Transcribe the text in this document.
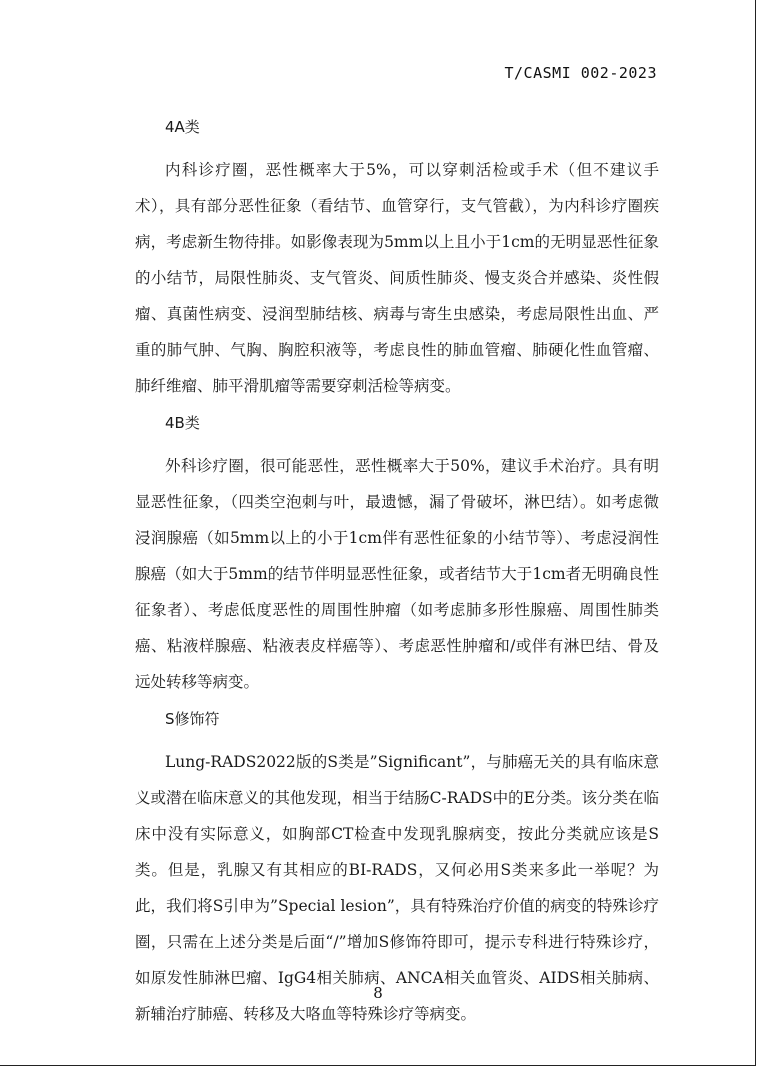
T/CASMI 002-2023
4A类

内科诊疗圈，恶性概率大于5%，可以穿刺活检或手术（但不建议手术），具有部分恶性征象（看结节、血管穿行，支气管截），为内科诊疗圈疾病，考虑新生物待排。如影像表现为5mm以上且小于1cm的无明显恶性征象的小结节，局限性肺炎、支气管炎、间质性肺炎、慢支炎合并感染、炎性假瘤、真菌性病变、浸润型肺结核、病毒与寄生虫感染，考虑局限性出血、严重的肺气肿、气胸、胸腔积液等，考虑良性的肺血管瘤、肺硬化性血管瘤、肺纤维瘤、肺平滑肌瘤等需要穿刺活检等病变。

4B类

外科诊疗圈，很可能恶性，恶性概率大于50%，建议手术治疗。具有明显恶性征象，（四类空泡刺与叶，最遗憾，漏了骨破坏，淋巴结）。如考虑微浸润腺癌（如5mm以上的小于1cm伴有恶性征象的小结节等）、考虑浸润性腺癌（如大于5mm的结节伴明显恶性征象，或者结节大于1cm者无明确良性征象者）、考虑低度恶性的周围性肿瘤（如考虑肺多形性腺癌、周围性肺类癌、粘液样腺癌、粘液表皮样癌等）、考虑恶性肿瘤和/或伴有淋巴结、骨及远处转移等病变。

S修饰符

Lung-RADS2022版的S类是”Significant”，与肺癌无关的具有临床意义或潜在临床意义的其他发现，相当于结肠C-RADS中的E分类。该分类在临床中没有实际意义，如胸部CT检查中发现乳腺病变，按此分类就应该是S类。但是，乳腺又有其相应的BI-RADS，又何必用S类来多此一举呢？为此，我们将S引申为”Special lesion”，具有特殊治疗价值的病变的特殊诊疗圈，只需在上述分类是后面“/”增加S修饰符即可，提示专科进行特殊诊疗，如原发性肺淋巴瘤、IgG4相关肺病、ANCA相关血管炎、AIDS相关肺病、新辅治疗肺癌、转移及大咯血等特殊诊疗等病变。

8
